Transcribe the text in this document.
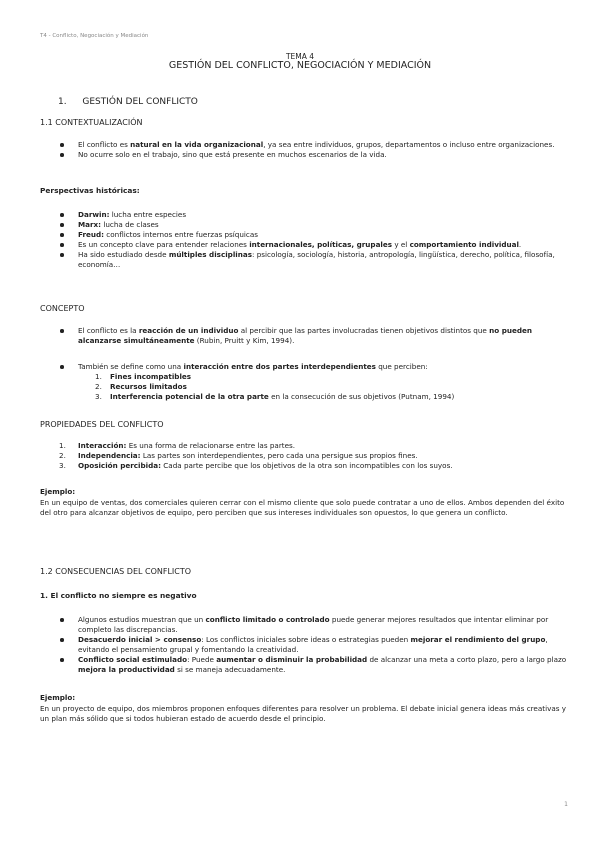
T4 - Conflicto, Negociación y Mediación
TEMA 4
GESTIÓN DEL CONFLICTO, NEGOCIACIÓN Y MEDIACIÓN
1. GESTIÓN DEL CONFLICTO
1.1 CONTEXTUALIZACIÓN
El conflicto es natural en la vida organizacional, ya sea entre individuos, grupos, departamentos o incluso entre organizaciones.
No ocurre solo en el trabajo, sino que está presente en muchos escenarios de la vida.
Perspectivas históricas:
Darwin: lucha entre especies
Marx: lucha de clases
Freud: conflictos internos entre fuerzas psíquicas
Es un concepto clave para entender relaciones internacionales, políticas, grupales y el comportamiento individual.
Ha sido estudiado desde múltiples disciplinas: psicología, sociología, historia, antropología, lingüística, derecho, política, filosofía, economía…
CONCEPTO
El conflicto es la reacción de un individuo al percibir que las partes involucradas tienen objetivos distintos que no pueden alcanzarse simultáneamente (Rubin, Pruitt y Kim, 1994).
También se define como una interacción entre dos partes interdependientes que perciben:
1. Fines incompatibles
2. Recursos limitados
3. Interferencia potencial de la otra parte en la consecución de sus objetivos (Putnam, 1994)
PROPIEDADES DEL CONFLICTO
1. Interacción: Es una forma de relacionarse entre las partes.
2. Independencia: Las partes son interdependientes, pero cada una persigue sus propios fines.
3. Oposición percibida: Cada parte percibe que los objetivos de la otra son incompatibles con los suyos.
Ejemplo:
En un equipo de ventas, dos comerciales quieren cerrar con el mismo cliente que solo puede contratar a uno de ellos. Ambos dependen del éxito del otro para alcanzar objetivos de equipo, pero perciben que sus intereses individuales son opuestos, lo que genera un conflicto.
1.2 CONSECUENCIAS DEL CONFLICTO
1. El conflicto no siempre es negativo
Algunos estudios muestran que un conflicto limitado o controlado puede generar mejores resultados que intentar eliminar por completo las discrepancias.
Desacuerdo inicial > consenso: Los conflictos iniciales sobre ideas o estrategias pueden mejorar el rendimiento del grupo, evitando el pensamiento grupal y fomentando la creatividad.
Conflicto social estimulado: Puede aumentar o disminuir la probabilidad de alcanzar una meta a corto plazo, pero a largo plazo mejora la productividad si se maneja adecuadamente.
Ejemplo:
En un proyecto de equipo, dos miembros proponen enfoques diferentes para resolver un problema. El debate inicial genera ideas más creativas y un plan más sólido que si todos hubieran estado de acuerdo desde el principio.
1
